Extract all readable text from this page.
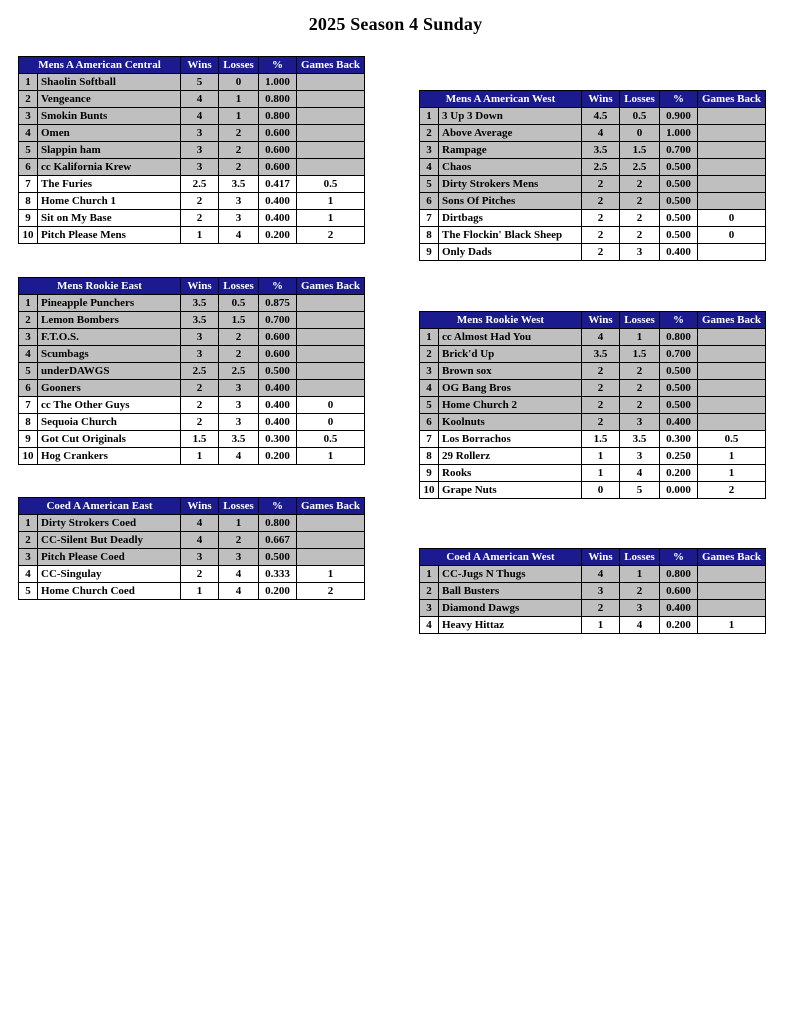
2025 Season 4 Sunday
Mens A American Central		Wins	Losses	%	Games Back
1	Shaolin Softball	5	0	1.000	
2	Vengeance	4	1	0.800	
3	Smokin Bunts	4	1	0.800	
4	Omen	3	2	0.600	
5	Slappin ham	3	2	0.600	
6	cc Kalifornia Krew	3	2	0.600	
7	The Furies	2.5	3.5	0.417	0.5
8	Home Church 1	2	3	0.400	1
9	Sit on My Base	2	3	0.400	1
10	Pitch Please Mens	1	4	0.200	2
Mens Rookie East		Wins	Losses	%	Games Back
1	Pineapple Punchers	3.5	0.5	0.875	
2	Lemon Bombers	3.5	1.5	0.700	
3	F.T.O.S.	3	2	0.600	
4	Scumbags	3	2	0.600	
5	underDAWGS	2.5	2.5	0.500	
6	Gooners	2	3	0.400	
7	cc The Other Guys	2	3	0.400	0
8	Sequoia Church	2	3	0.400	0
9	Got Cut Originals	1.5	3.5	0.300	0.5
10	Hog Crankers	1	4	0.200	1
Coed A American East		Wins	Losses	%	Games Back
1	Dirty Strokers Coed	4	1	0.800	
2	CC-Silent But Deadly	4	2	0.667	
3	Pitch Please Coed	3	3	0.500	
4	CC-Singulay	2	4	0.333	1
5	Home Church Coed	1	4	0.200	2
Mens A American West		Wins	Losses	%	Games Back
1	3 Up 3 Down	4.5	0.5	0.900	
2	Above Average	4	0	1.000	
3	Rampage	3.5	1.5	0.700	
4	Chaos	2.5	2.5	0.500	
5	Dirty Strokers Mens	2	2	0.500	
6	Sons Of Pitches	2	2	0.500	
7	Dirtbags	2	2	0.500	0
8	The Flockin' Black Sheep	2	2	0.500	0
9	Only Dads	2	3	0.400	
Mens Rookie West		Wins	Losses	%	Games Back
1	cc Almost Had You	4	1	0.800	
2	Brick'd Up	3.5	1.5	0.700	
3	Brown sox	2	2	0.500	
4	OG Bang Bros	2	2	0.500	
5	Home Church 2	2	2	0.500	
6	Koolnuts	2	3	0.400	
7	Los Borrachos	1.5	3.5	0.300	0.5
8	29 Rollerz	1	3	0.250	1
9	Rooks	1	4	0.200	1
10	Grape Nuts	0	5	0.000	2
Coed A American West		Wins	Losses	%	Games Back
1	CC-Jugs N Thugs	4	1	0.800	
2	Ball Busters	3	2	0.600	
3	Diamond Dawgs	2	3	0.400	
4	Heavy Hittaz	1	4	0.200	1
